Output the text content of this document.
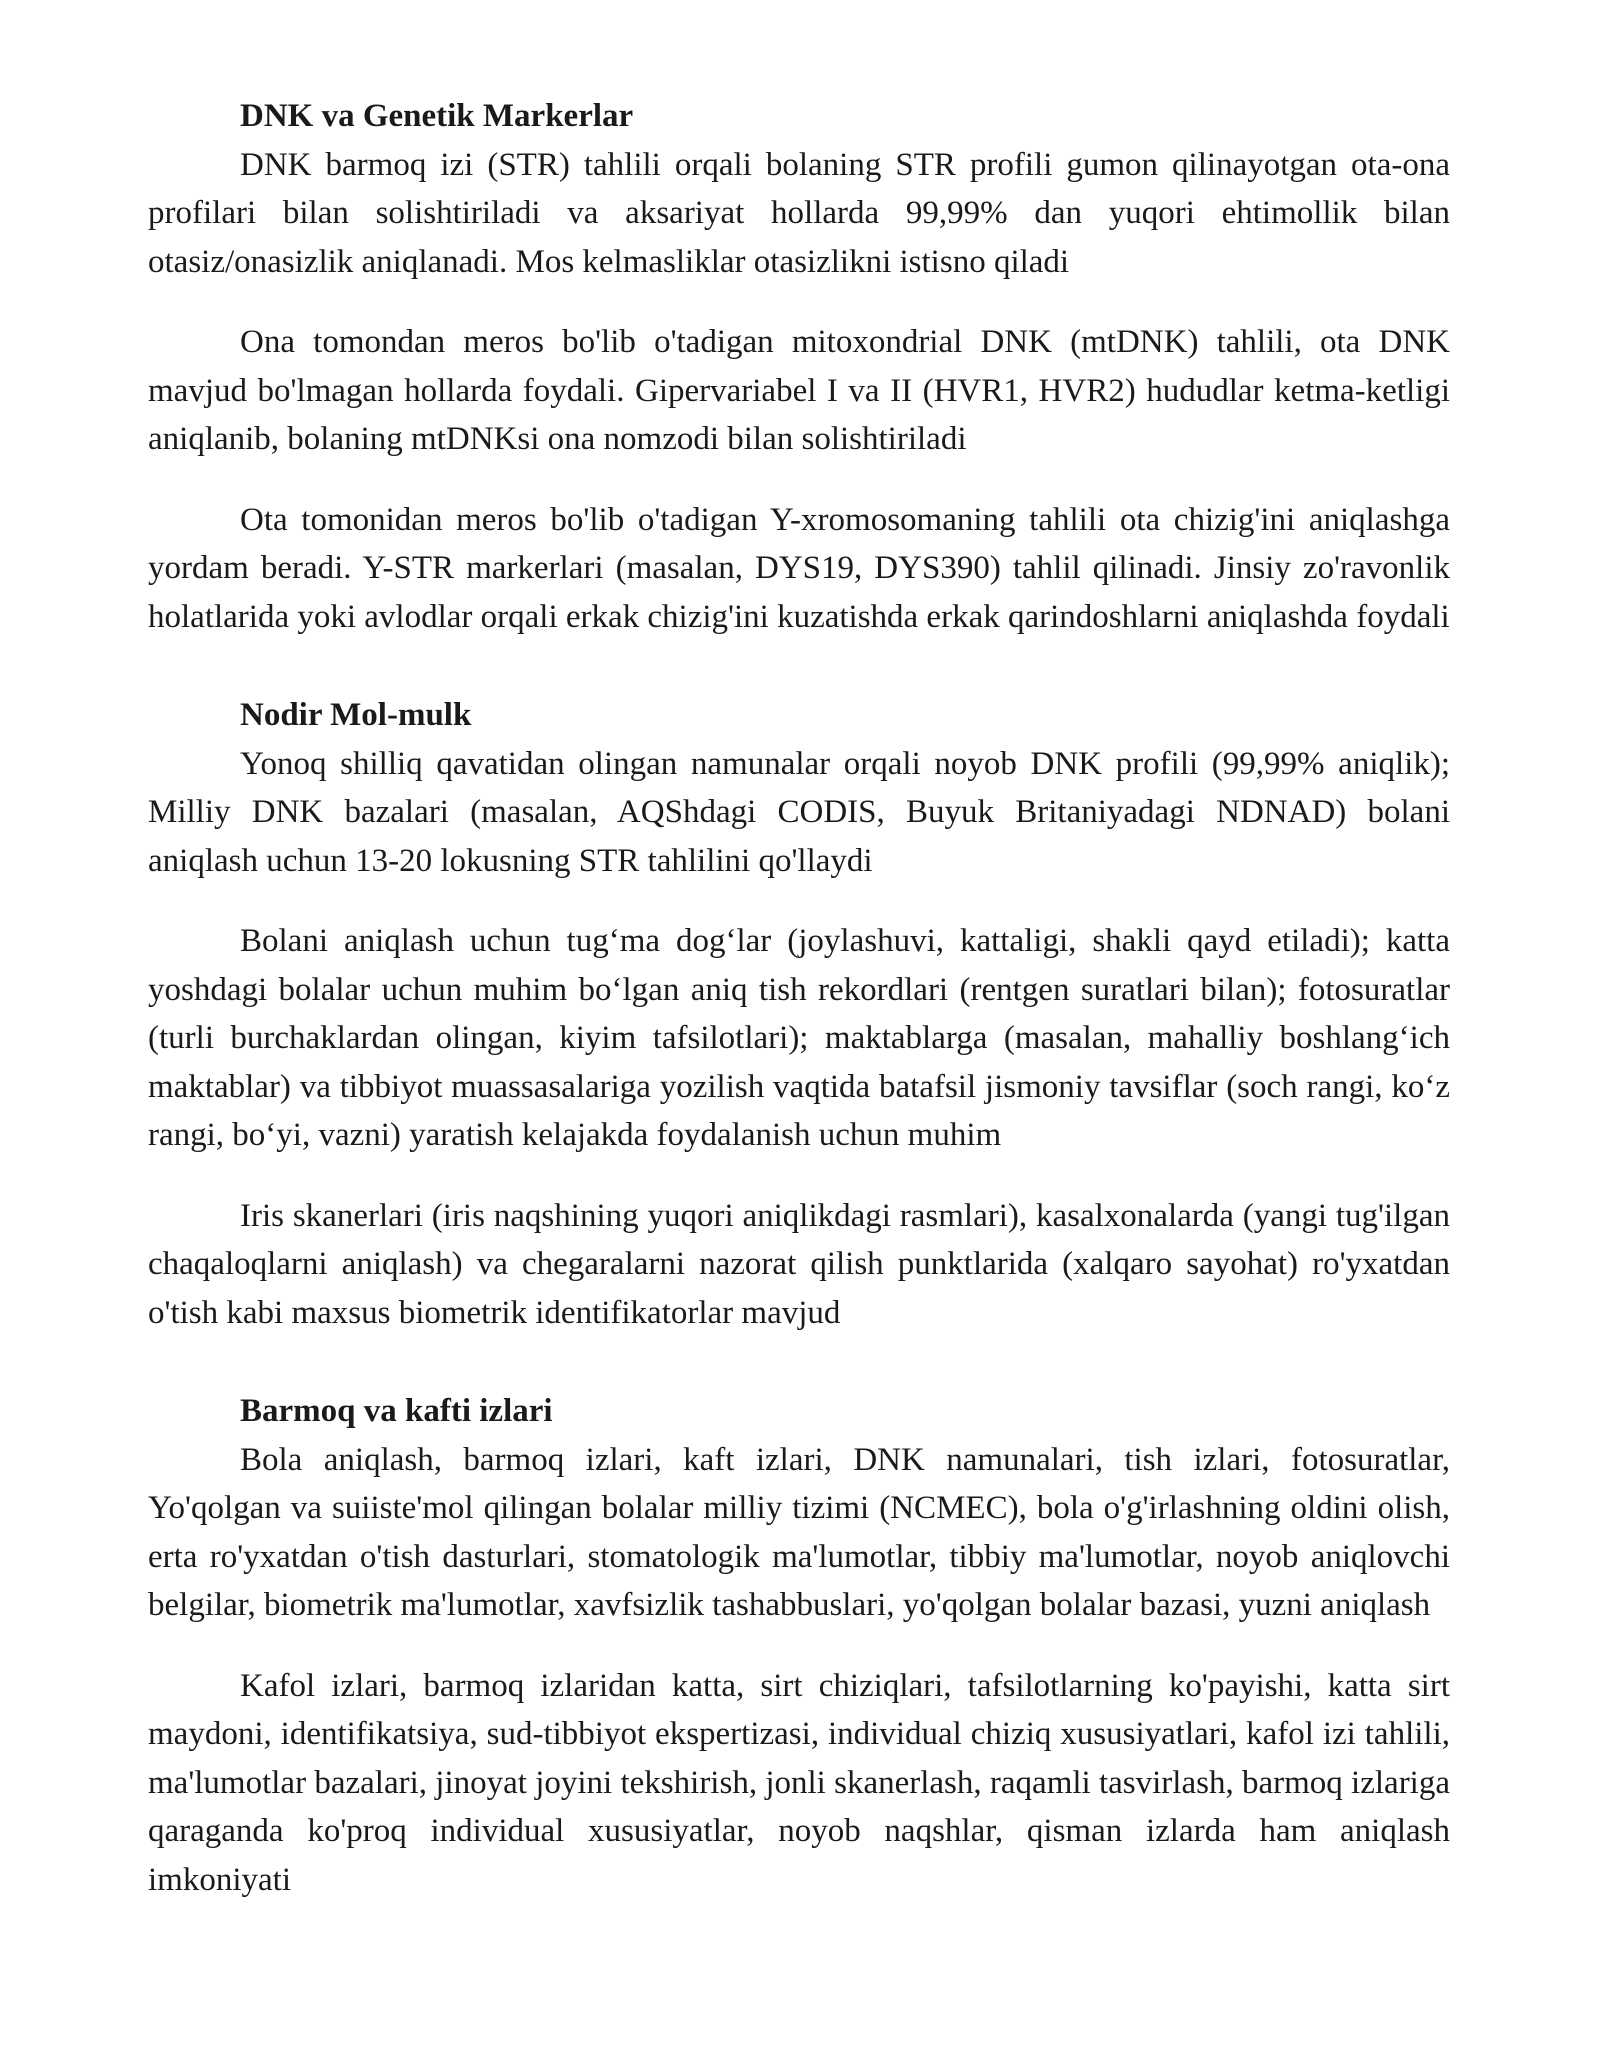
DNK va Genetik Markerlar

DNK barmoq izi (STR) tahlili orqali bolaning STR profili gumon qilinayotgan ota-ona profilari bilan solishtiriladi va aksariyat hollarda 99,99% dan yuqori ehtimollik bilan otasiz/onasizlik aniqlanadi. Mos kelmasliklar otasizlikni istisno qiladi

Ona tomondan meros bo'lib o'tadigan mitoxondrial DNK (mtDNK) tahlili, ota DNK mavjud bo'lmagan hollarda foydali. Gipervariabel I va II (HVR1, HVR2) hududlar ketma-ketligi aniqlanib, bolaning mtDNKsi ona nomzodi bilan solishtiriladi

Ota tomonidan meros bo'lib o'tadigan Y-xromosomaning tahlili ota chizig'ini aniqlashga yordam beradi. Y-STR markerlari (masalan, DYS19, DYS390) tahlil qilinadi. Jinsiy zo'ravonlik holatlarida yoki avlodlar orqali erkak chizig'ini kuzatishda erkak qarindoshlarni aniqlashda foydali

Nodir Mol-mulk

Yonoq shilliq qavatidan olingan namunalar orqali noyob DNK profili (99,99% aniqlik); Milliy DNK bazalari (masalan, AQShdagi CODIS, Buyuk Britaniyadagi NDNAD) bolani aniqlash uchun 13-20 lokusning STR tahlilini qo'llaydi

Bolani aniqlash uchun tug‘ma dog‘lar (joylashuvi, kattaligi, shakli qayd etiladi); katta yoshdagi bolalar uchun muhim bo‘lgan aniq tish rekordlari (rentgen suratlari bilan); fotosuratlar (turli burchaklardan olingan, kiyim tafsilotlari); maktablarga (masalan, mahalliy boshlang‘ich maktablar) va tibbiyot muassasalariga yozilish vaqtida batafsil jismoniy tavsiflar (soch rangi, ko‘z rangi, bo‘yi, vazni) yaratish kelajakda foydalanish uchun muhim

Iris skanerlari (iris naqshining yuqori aniqlikdagi rasmlari), kasalxonalarda (yangi tug'ilgan chaqaloqlarni aniqlash) va chegaralarni nazorat qilish punktlarida (xalqaro sayohat) ro'yxatdan o'tish kabi maxsus biometrik identifikatorlar mavjud

Barmoq va kafti izlari

Bola aniqlash, barmoq izlari, kaft izlari, DNK namunalari, tish izlari, fotosuratlar, Yo'qolgan va suiiste'mol qilingan bolalar milliy tizimi (NCMEC), bola o'g'irlashning oldini olish, erta ro'yxatdan o'tish dasturlari, stomatologik ma'lumotlar, tibbiy ma'lumotlar, noyob aniqlovchi belgilar, biometrik ma'lumotlar, xavfsizlik tashabbuslari, yo'qolgan bolalar bazasi, yuzni aniqlash

Kafol izlari, barmoq izlaridan katta, sirt chiziqlari, tafsilotlarning ko'payishi, katta sirt maydoni, identifikatsiya, sud-tibbiyot ekspertizasi, individual chiziq xususiyatlari, kafol izi tahlili, ma'lumotlar bazalari, jinoyat joyini tekshirish, jonli skanerlash, raqamli tasvirlash, barmoq izlariga qaraganda ko'proq individual xususiyatlar, noyob naqshlar, qisman izlarda ham aniqlash imkoniyati
